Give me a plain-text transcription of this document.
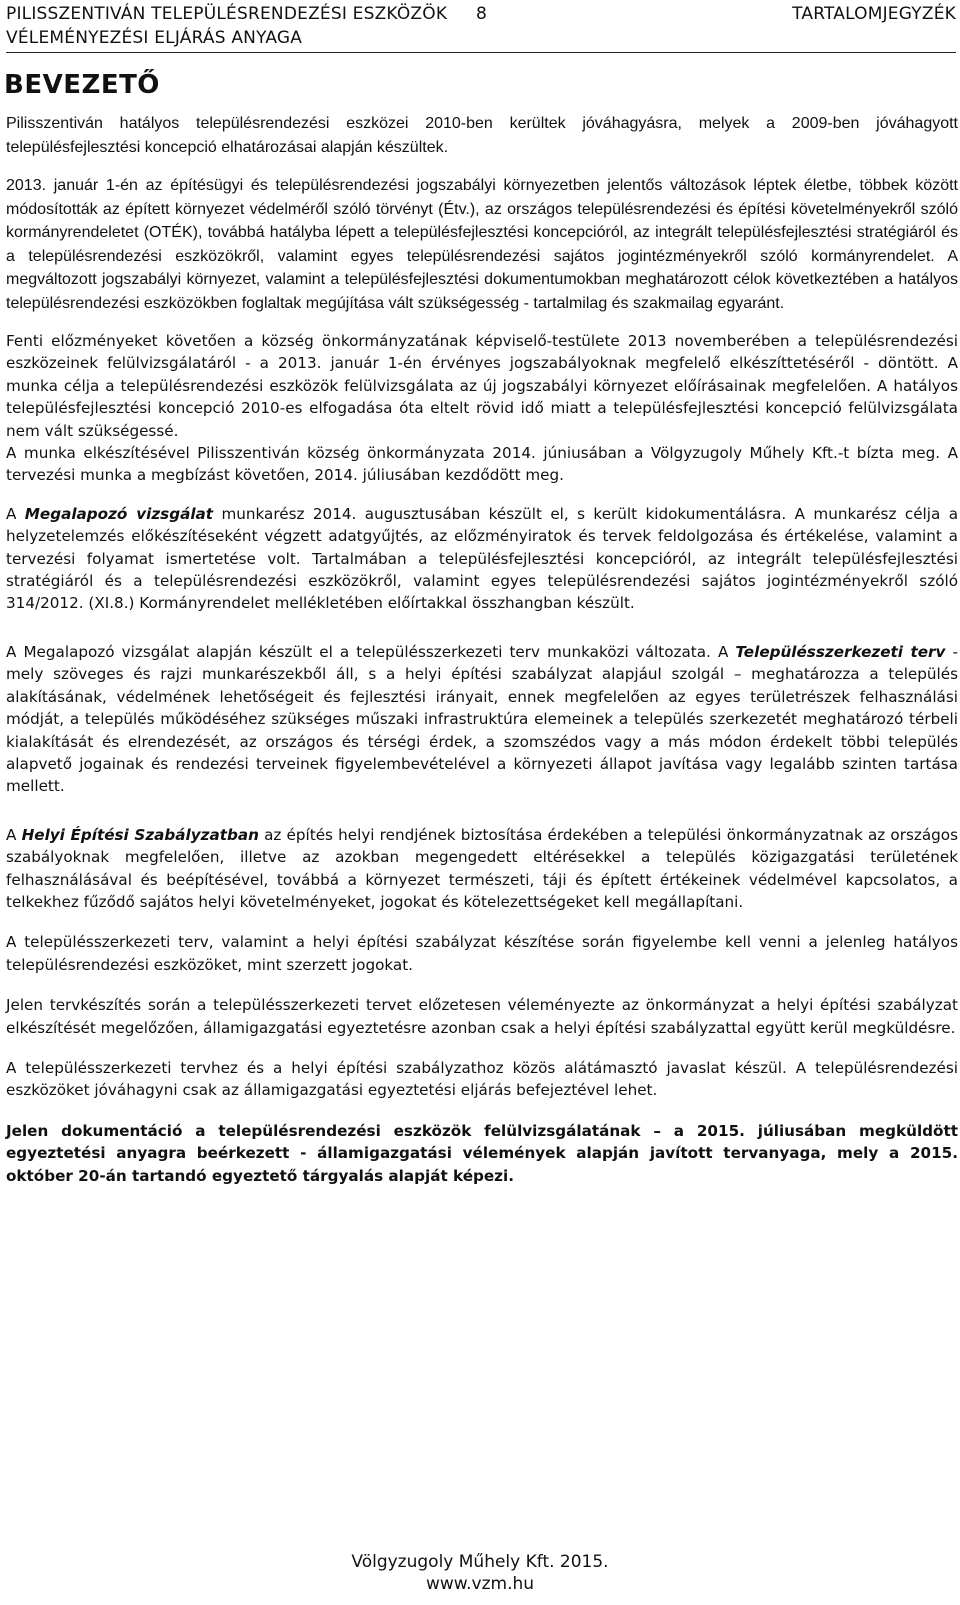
PILISSZENTIVÁN TELEPÜLÉSRENDEZÉSI ESZKÖZÖK 8	TARTALOMJEGYZÉK
VÉLEMÉNYEZÉSI ELJÁRÁS ANYAGA
BEVEZETŐ

Pilisszentiván hatályos településrendezési eszközei 2010-ben kerültek jóváhagyásra, melyek a 2009-ben jóváhagyott településfejlesztési koncepció elhatározásai alapján készültek.

2013. január 1-én az építésügyi és településrendezési jogszabályi környezetben jelentős változások léptek életbe, többek között módosították az épített környezet védelméről szóló törvényt (Étv.), az országos településrendezési és építési követelményekről szóló kormányrendeletet (OTÉK), továbbá hatályba lépett a településfejlesztési koncepcióról, az integrált településfejlesztési stratégiáról és a településrendezési eszközökről, valamint egyes településrendezési sajátos jogintézményekről szóló kormányrendelet. A megváltozott jogszabályi környezet, valamint a településfejlesztési dokumentumokban meghatározott célok következtében a hatályos településrendezési eszközökben foglaltak megújítása vált szükségesség - tartalmilag és szakmailag egyaránt.

Fenti előzményeket követően a község önkormányzatának képviselő-testülete 2013 novemberében a településrendezési eszközeinek felülvizsgálatáról - a 2013. január 1-én érvényes jogszabályoknak megfelelő elkészíttetéséről - döntött. A munka célja a településrendezési eszközök felülvizsgálata az új jogszabályi környezet előírásainak megfelelően. A hatályos településfejlesztési koncepció 2010-es elfogadása óta eltelt rövid idő miatt a településfejlesztési koncepció felülvizsgálata nem vált szükségessé.

A munka elkészítésével Pilisszentiván község önkormányzata 2014. júniusában a Völgyzugoly Műhely Kft.-t bízta meg. A tervezési munka a megbízást követően, 2014. júliusában kezdődött meg.

A Megalapozó vizsgálat munkarész 2014. augusztusában készült el, s került kidokumentálásra. A munkarész célja a helyzetelemzés előkészítéseként végzett adatgyűjtés, az előzményiratok és tervek feldolgozása és értékelése, valamint a tervezési folyamat ismertetése volt. Tartalmában a településfejlesztési koncepcióról, az integrált településfejlesztési stratégiáról és a településrendezési eszközökről, valamint egyes településrendezési sajátos jogintézményekről szóló 314/2012. (XI.8.) Kormányrendelet mellékletében előírtakkal összhangban készült.

A Megalapozó vizsgálat alapján készült el a településszerkezeti terv munkaközi változata. A Településszerkezeti terv - mely szöveges és rajzi munkarészekből áll, s a helyi építési szabályzat alapjául szolgál – meghatározza a település alakításának, védelmének lehetőségeit és fejlesztési irányait, ennek megfelelően az egyes területrészek felhasználási módját, a település működéséhez szükséges műszaki infrastruktúra elemeinek a település szerkezetét meghatározó térbeli kialakítását és elrendezését, az országos és térségi érdek, a szomszédos vagy a más módon érdekelt többi település alapvető jogainak és rendezési terveinek figyelembevételével a környezeti állapot javítása vagy legalább szinten tartása mellett.

A Helyi Építési Szabályzatban az építés helyi rendjének biztosítása érdekében a települési önkormányzatnak az országos szabályoknak megfelelően, illetve az azokban megengedett eltérésekkel a település közigazgatási területének felhasználásával és beépítésével, továbbá a környezet természeti, táji és épített értékeinek védelmével kapcsolatos, a telkekhez fűződő sajátos helyi követelményeket, jogokat és kötelezettségeket kell megállapítani.

A településszerkezeti terv, valamint a helyi építési szabályzat készítése során figyelembe kell venni a jelenleg hatályos településrendezési eszközöket, mint szerzett jogokat.

Jelen tervkészítés során a településszerkezeti tervet előzetesen véleményezte az önkormányzat a helyi építési szabályzat elkészítését megelőzően, államigazgatási egyeztetésre azonban csak a helyi építési szabályzattal együtt kerül megküldésre.

A településszerkezeti tervhez és a helyi építési szabályzathoz közös alátámasztó javaslat készül. A településrendezési eszközöket jóváhagyni csak az államigazgatási egyeztetési eljárás befejeztével lehet.

Jelen dokumentáció a településrendezési eszközök felülvizsgálatának – a 2015. júliusában megküldött egyeztetési anyagra beérkezett - államigazgatási vélemények alapján javított tervanyaga, mely a 2015. október 20-án tartandó egyeztető tárgyalás alapját képezi.

Völgyzugoly Műhely Kft. 2015.
www.vzm.hu
